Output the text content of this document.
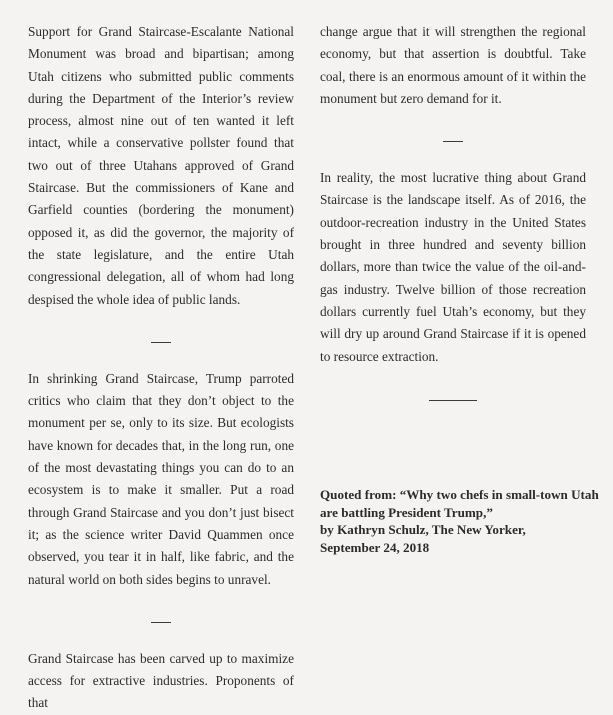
Support for Grand Staircase-Escalante National Monument was broad and bipartisan; among Utah citizens who submitted public comments during the Department of the Interior’s review process, almost nine out of ten wanted it left intact, while a conservative pollster found that two out of three Utahans approved of Grand Staircase. But the commissioners of Kane and Garfield counties (bordering the monument) opposed it, as did the governor, the majority of the state legislature, and the entire Utah congressional delegation, all of whom had long despised the whole idea of public lands.

In shrinking Grand Staircase, Trump parroted critics who claim that they don’t object to the monument per se, only to its size. But ecologists have known for decades that, in the long run, one of the most devastating things you can do to an ecosystem is to make it smaller. Put a road through Grand Staircase and you don’t just bisect it; as the science writer David Quammen once observed, you tear it in half, like fabric, and the natural world on both sides begins to unravel.

Grand Staircase has been carved up to maximize access for extractive industries. Proponents of that

change argue that it will strengthen the regional economy, but that assertion is doubtful. Take coal, there is an enormous amount of it within the monument but zero demand for it.

In reality, the most lucrative thing about Grand Staircase is the landscape itself. As of 2016, the outdoor-recreation industry in the United States brought in three hundred and seventy billion dollars, more than twice the value of the oil-and-gas industry. Twelve billion of those recreation dollars currently fuel Utah’s economy, but they will dry up around Grand Staircase if it is opened to resource extraction.

Quoted from: “Why two chefs in small-town Utah
are battling President Trump,”
by Kathryn Schulz, The New Yorker,
September 24, 2018
